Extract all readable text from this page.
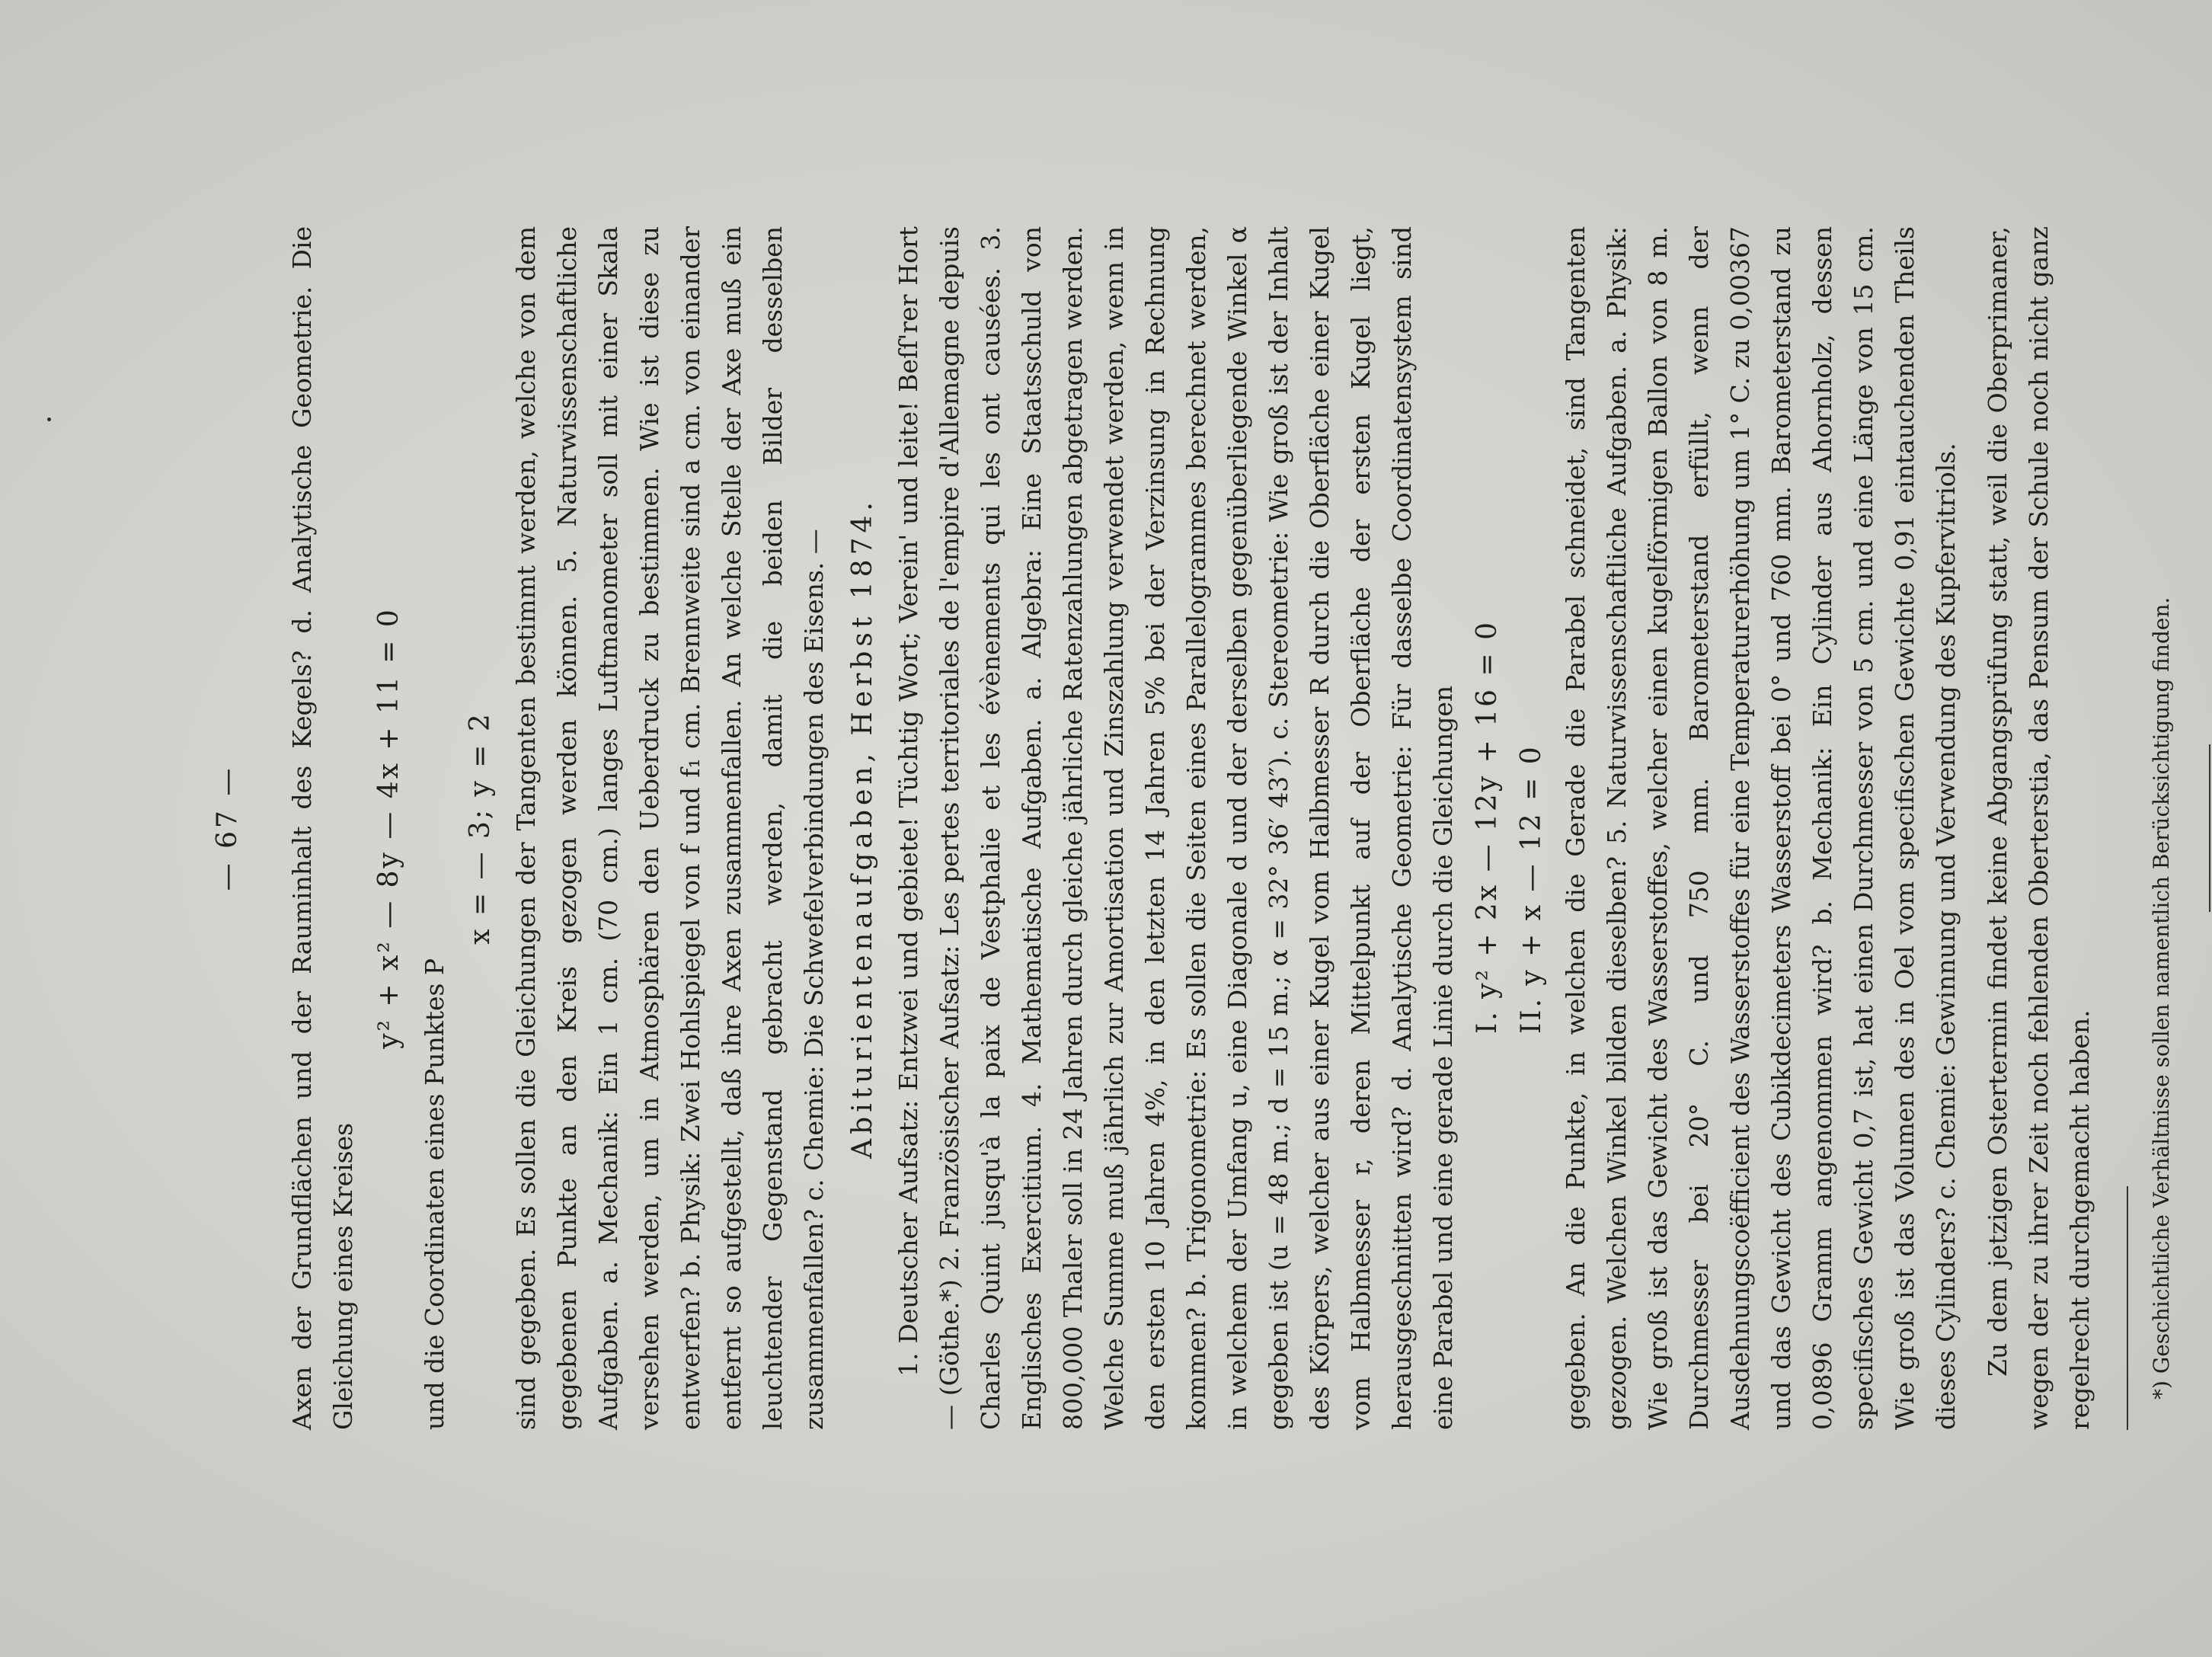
— 67 — Axen der Grundflächen und der Rauminhalt des Kegels? d. Analytische Geometrie. Die Gleichung eines Kreises

y² + x² — 8y — 4x + 11 = 0

und die Coordinaten eines Punktes P

x = — 3; y = 2 sind gegeben. Es sollen die Gleichungen der Tangenten bestimmt werden, welche von dem gegebenen Punkte an den Kreis gezogen werden können. 5. Naturwissenschaftliche Aufgaben. a. Mechanik: Ein 1 cm. (70 cm.) langes Luftmanometer soll mit einer Skala versehen werden, um in Atmosphären den Ueberdruck zu bestimmen. Wie ist diese zu entwerfen? b. Physik: Zwei Hohlspiegel von f und f₁ cm. Brennweite sind a cm. von einander entfernt so aufgestellt, daß ihre Axen zusammenfallen. An welche Stelle der Axe muß ein leuchtender Gegenstand gebracht werden, damit die beiden Bilder desselben zusammenfallen? c. Chemie: Die Schwefelverbindungen des Eisens. — Abiturientenaufgaben, Herbst 1874. 1. Deutscher Aufsatz: Entzwei und gebiete! Tüchtig Wort; Verein' und leite! Beſſ'rer Hort — (Göthe.*) 2. Französischer Aufsatz: Les pertes territoriales de l'empire d'Allemagne depuis Charles Quint jusqu'à la paix de Vestphalie et les évènements qui les ont causées. 3. Englisches Exercitium. 4. Mathematische Aufgaben. a. Algebra: Eine Staatsschuld von 800,000 Thaler soll in 24 Jahren durch gleiche jährliche Ratenzahlungen abgetragen werden. Welche Summe muß jährlich zur Amortisation und Zinszahlung verwendet werden, wenn in den ersten 10 Jahren 4%, in den letzten 14 Jahren 5% bei der Verzinsung in Rechnung kommen? b. Trigonometrie: Es sollen die Seiten eines Parallelogrammes berechnet werden, in welchem der Umfang u, eine Diagonale d und der derselben gegenüberliegende Winkel α gegeben ist (u = 48 m.; d = 15 m.; α = 32° 36′ 43″). c. Stereometrie: Wie groß ist der Inhalt des Körpers, welcher aus einer Kugel vom Halbmesser R durch die Oberfläche einer Kugel vom Halbmesser r, deren Mittelpunkt auf der Oberfläche der ersten Kugel liegt, herausgeschnitten wird? d. Analytische Geometrie: Für dasselbe Coordinatensystem sind eine Parabel und eine gerade Linie durch die Gleichungen I. y² + 2x — 12y + 16 = 0 II. y + x — 12 = 0 gegeben. An die Punkte, in welchen die Gerade die Parabel schneidet, sind Tangenten gezogen. Welchen Winkel bilden dieselben? 5. Naturwissenschaftliche Aufgaben. a. Physik: Wie groß ist das Gewicht des Wasserstoffes, welcher einen kugelförmigen Ballon von 8 m. Durchmesser bei 20° C. und 750 mm. Barometerstand erfüllt, wenn der Ausdehnungscoëfficient des Wasserstoffes für eine Temperaturerhöhung um 1° C. zu 0,00367 und das Gewicht des Cubikdecimeters Wasserstoff bei 0° und 760 mm. Barometerstand zu 0,0896 Gramm angenommen wird? b. Mechanik: Ein Cylinder aus Ahornholz, dessen specifisches Gewicht 0,7 ist, hat einen Durchmesser von 5 cm. und eine Länge von 15 cm. Wie groß ist das Volumen des in Oel vom specifischen Gewichte 0,91 eintauchenden Theils dieses Cylinders? c. Chemie: Gewinnung und Verwendung des Kupfervitriols. Zu dem jetzigen Ostertermin findet keine Abgangsprüfung statt, weil die Oberprimaner, wegen der zu ihrer Zeit noch fehlenden Oberterstia, das Pensum der Schule noch nicht ganz regelrecht durchgemacht haben.	*) Geschichtliche Verhältnisse sollen namentlich Berücksichtigung finden.
